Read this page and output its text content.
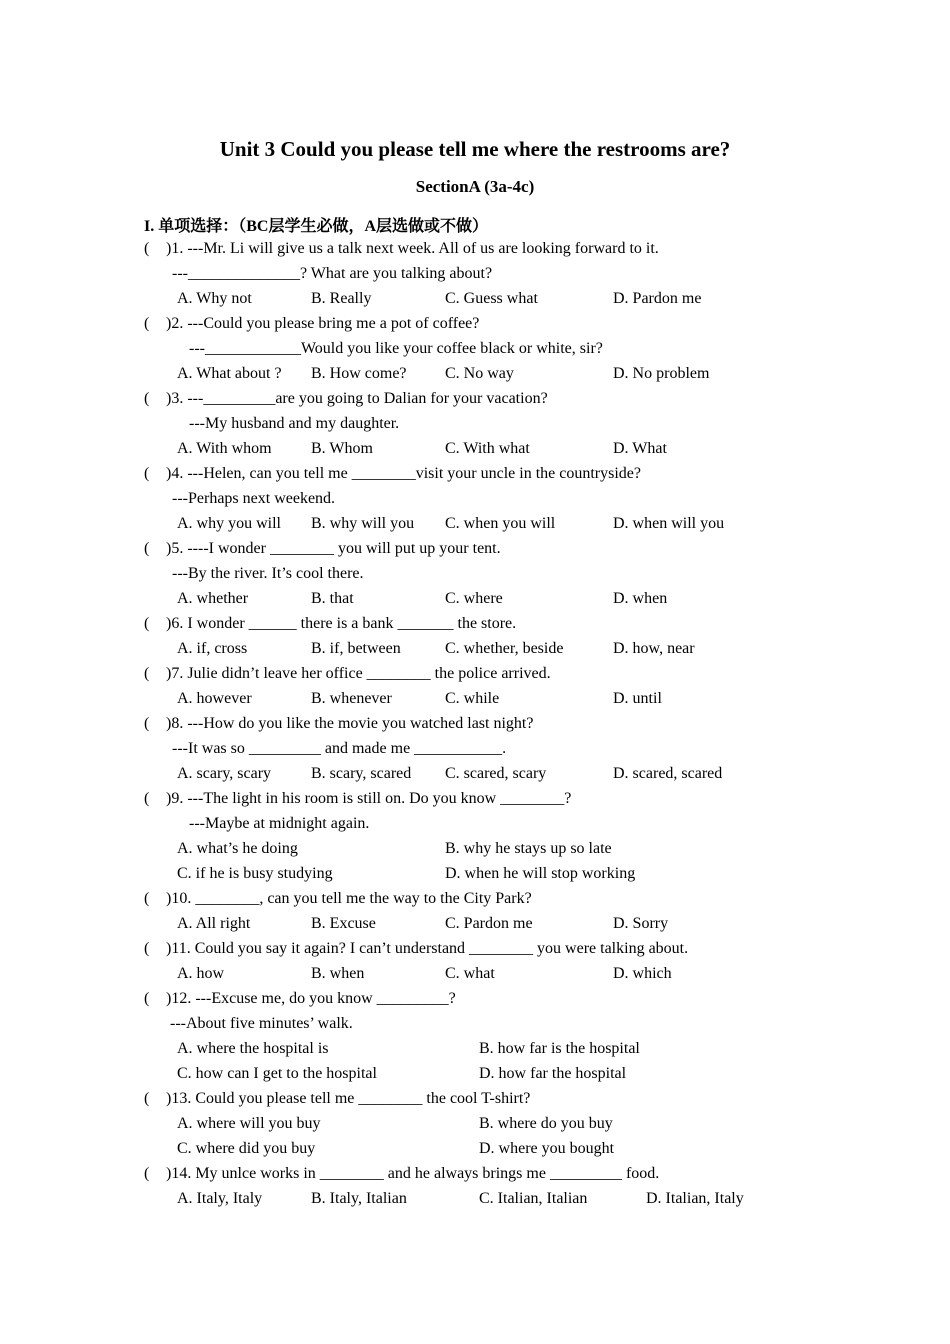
Unit 3 Could you please tell me where the restrooms are?
SectionA (3a-4c)
I. 单项选择：（BC层学生必做，A层选做或不做）
( )1. ---Mr. Li will give us a talk next week. All of us are looking forward to it.
---______________? What are you talking about?
A. Why not	B. Really	C. Guess what	D. Pardon me
( )2. ---Could you please bring me a pot of coffee?
---____________Would you like your coffee black or white, sir?
A. What about ? B. How come? C. No way	D. No problem
( )3. ---_________are you going to Dalian for your vacation?
---My husband and my daughter.
A. With whom B. Whom	C. With what	D. What
( )4. ---Helen, can you tell me ________visit your uncle in the countryside?
---Perhaps next weekend.
A. why you will B. why will you C. when you will	D. when will you
( )5. ----I wonder ________ you will put up your tent.
---By the river. It’s cool there.
A. whether	B. that	C. where	D. when
( )6. I wonder ______ there is a bank _______ the store.
A. if, cross	B. if, between	C. whether, beside	D. how, near
( )7. Julie didn’t leave her office ________ the police arrived.
A. however	B. whenever	C. while	D. until
( )8. ---How do you like the movie you watched last night?
---It was so _________ and made me ___________.
A. scary, scary B. scary, scared C. scared, scary	D. scared, scared
( )9. ---The light in his room is still on. Do you know ________?
---Maybe at midnight again.
A. what’s he doing	B. why he stays up so late
C. if he is busy studying	D. when he will stop working
( )10. ________, can you tell me the way to the City Park?
A. All right	B. Excuse	C. Pardon me	D. Sorry
( )11. Could you say it again? I can’t understand ________ you were talking about.
A. how	B. when	C. what	D. which
( )12. ---Excuse me, do you know _________?
---About five minutes’ walk.
A. where the hospital is	B. how far is the hospital
C. how can I get to the hospital	D. how far the hospital
( )13. Could you please tell me ________ the cool T-shirt?
A. where will you buy	B. where do you buy
C. where did you buy	D. where you bought
( )14. My unlce works in ________ and he always brings me _________ food.
A. Italy, Italy	B. Italy, Italian	C. Italian, Italian	D. Italian, Italy
